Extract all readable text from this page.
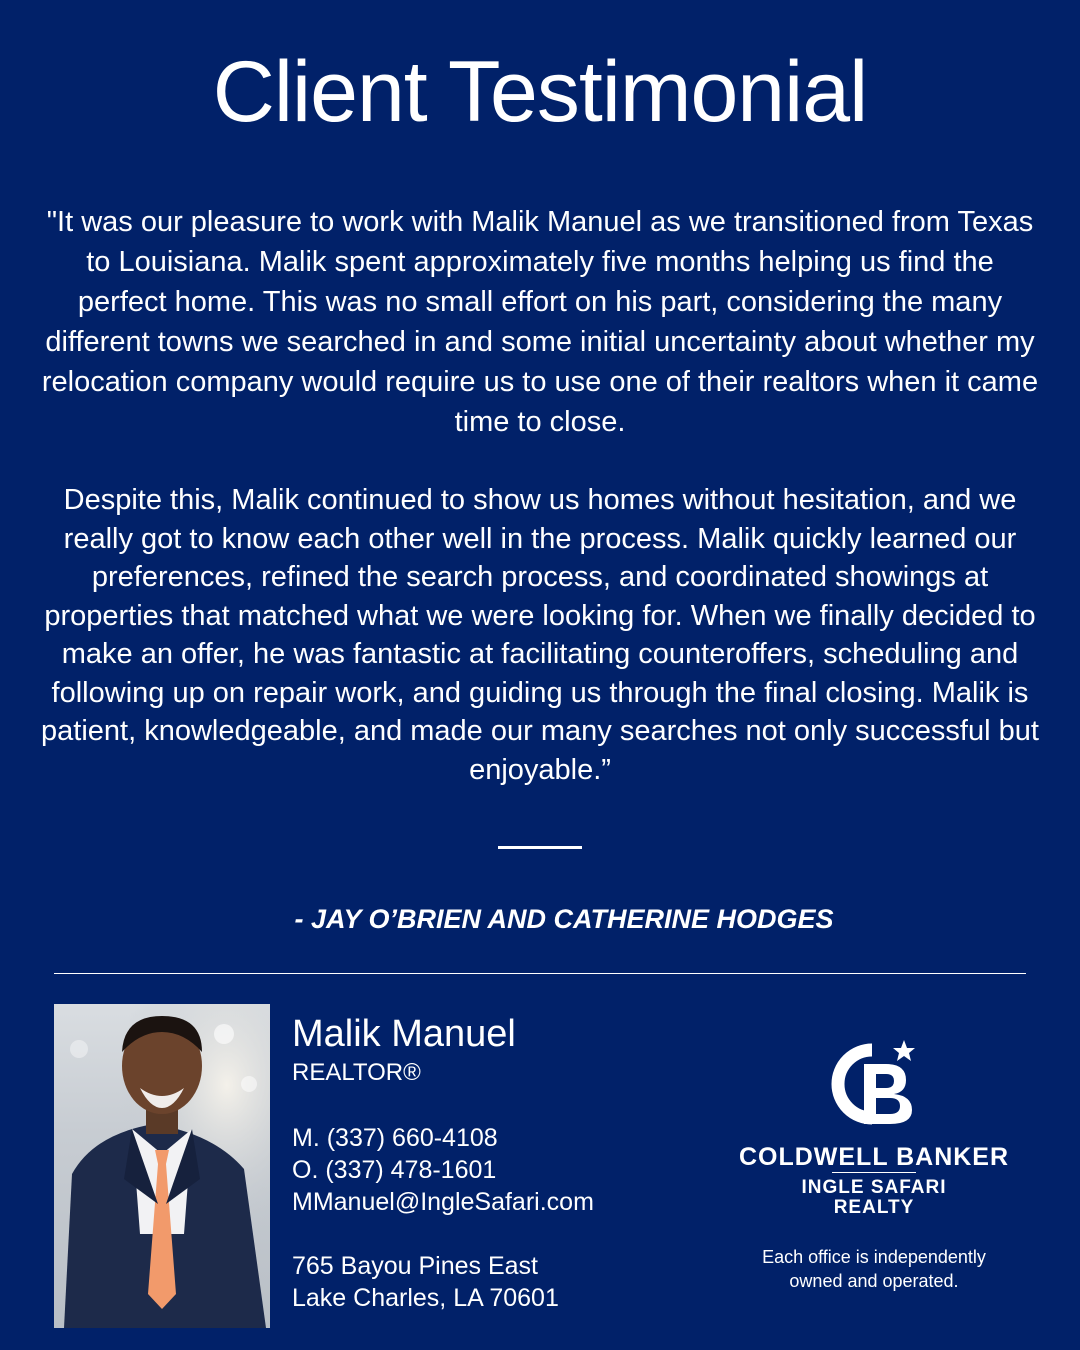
Client Testimonial

"It was our pleasure to work with Malik Manuel as we transitioned from Texas to Louisiana. Malik spent approximately five months helping us find the perfect home. This was no small effort on his part, considering the many different towns we searched in and some initial uncertainty about whether my relocation company would require us to use one of their realtors when it came time to close.

Despite this, Malik continued to show us homes without hesitation, and we really got to know each other well in the process. Malik quickly learned our preferences, refined the search process, and coordinated showings at properties that matched what we were looking for. When we finally decided to make an offer, he was fantastic at facilitating counteroffers, scheduling and following up on repair work, and guiding us through the final closing. Malik is patient, knowledgeable, and made our many searches not only successful but enjoyable.”

- JAY O’BRIEN AND CATHERINE HODGES
Malik Manuel
REALTOR®
M. (337) 660-4108
O. (337) 478-1601
MManuel@IngleSafari.com
765 Bayou Pines East
Lake Charles, LA 70601
COLDWELL BANKER
INGLE SAFARI
REALTY
Each office is independently
owned and operated.
